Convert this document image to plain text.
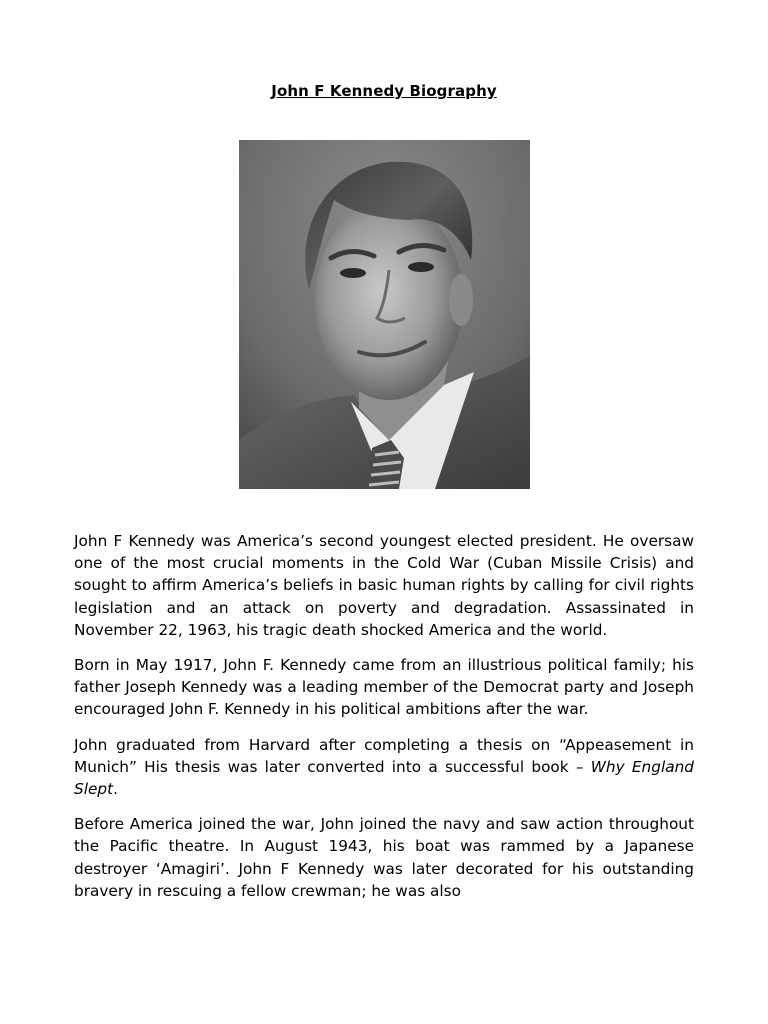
John F Kennedy Biography

John F Kennedy was America’s second youngest elected president. He oversaw one of the most crucial moments in the Cold War (Cuban Missile Crisis) and sought to affirm America’s beliefs in basic human rights by calling for civil rights legislation and an attack on poverty and degradation. Assassinated in November 22, 1963, his tragic death shocked America and the world.

Born in May 1917, John F. Kennedy came from an illustrious political family; his father Joseph Kennedy was a leading member of the Democrat party and Joseph encouraged John F. Kennedy in his political ambitions after the war.

John graduated from Harvard after completing a thesis on “Appeasement in Munich” His thesis was later converted into a successful book – Why England Slept.

Before America joined the war, John joined the navy and saw action throughout the Pacific theatre. In August 1943, his boat was rammed by a Japanese destroyer ‘Amagiri’. John F Kennedy was later decorated for his outstanding bravery in rescuing a fellow crewman; he was also
